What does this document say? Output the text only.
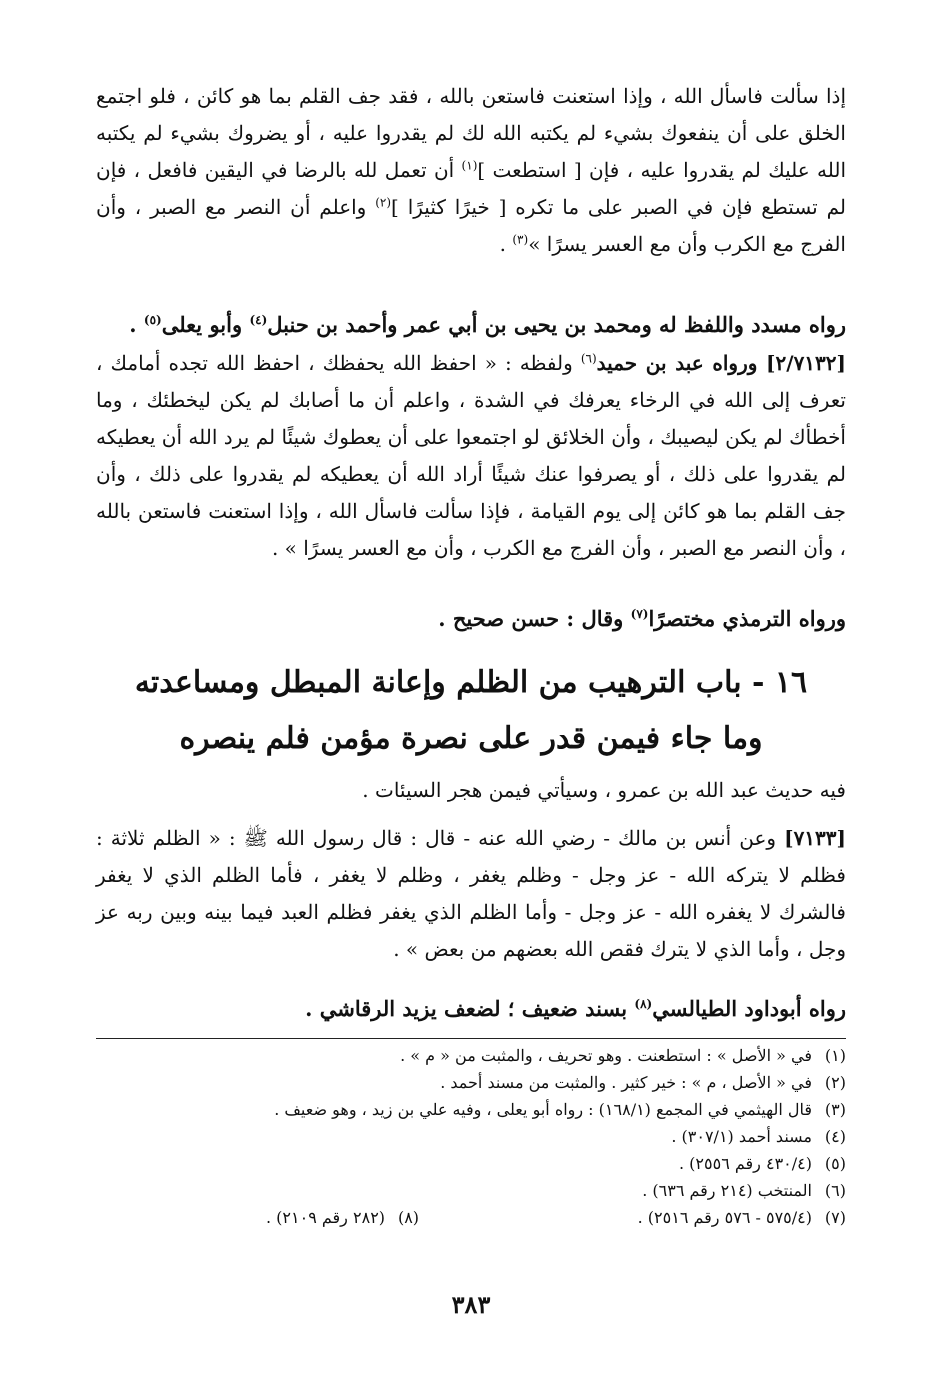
إذا سألت فاسأل الله ، وإذا استعنت فاستعن بالله ، فقد جف القلم بما هو كائن ، فلو اجتمع الخلق على أن ينفعوك بشيء لم يكتبه الله لك لم يقدروا عليه ، أو يضروك بشيء لم يكتبه الله عليك لم يقدروا عليه ، فإن [ استطعت ]$^{(١)}$ أن تعمل لله بالرضا في اليقين فافعل ، فإن لم تستطع فإن في الصبر على ما تكره [ خيرًا كثيرًا ]$^{(٢)}$ واعلم أن النصر مع الصبر ، وأن الفرج مع الكرب وأن مع العسر يسرًا »$^{(٣)}$ .

رواه مسدد واللفظ له ومحمد بن يحيى بن أبي عمر وأحمد بن حنبل$^{(٤)}$ وأبو يعلى$^{(٥)}$ .

[٢/٧١٣٢] ورواه عبد بن حميد$^{(٦)}$ ولفظه : « احفظ الله يحفظك ، احفظ الله تجده أمامك ، تعرف إلى الله في الرخاء يعرفك في الشدة ، واعلم أن ما أصابك لم يكن ليخطئك ، وما أخطأك لم يكن ليصيبك ، وأن الخلائق لو اجتمعوا على أن يعطوك شيئًا لم يرد الله أن يعطيكه لم يقدروا على ذلك ، أو يصرفوا عنك شيئًا أراد الله أن يعطيكه لم يقدروا على ذلك ، وأن جف القلم بما هو كائن إلى يوم القيامة ، فإذا سألت فاسأل الله ، وإذا استعنت فاستعن بالله ، وأن النصر مع الصبر ، وأن الفرج مع الكرب ، وأن مع العسر يسرًا » .

ورواه الترمذي مختصرًا$^{(٧)}$ وقال : حسن صحيح .

١٦ - باب الترهيب من الظلم وإعانة المبطل ومساعدته

وما جاء فيمن قدر على نصرة مؤمن فلم ينصره

فيه حديث عبد الله بن عمرو ، وسيأتي فيمن هجر السيئات .

[٧١٣٣] وعن أنس بن مالك - رضي الله عنه - قال : قال رسول الله ﷺ : « الظلم ثلاثة : فظلم لا يتركه الله - عز وجل - وظلم يغفر ، وظلم لا يغفر ، فأما الظلم الذي لا يغفر فالشرك لا يغفره الله - عز وجل - وأما الظلم الذي يغفر فظلم العبد فيما بينه وبين ربه عز وجل ، وأما الذي لا يترك فقص الله بعضهم من بعض » .

رواه أبوداود الطيالسي$^{(٨)}$ بسند ضعيف ؛ لضعف يزيد الرقاشي .

(١)
في « الأصل » : استطعنت . وهو تحريف ، والمثبت من « م » .
(٢)
في « الأصل ، م » : خير كثير . والمثبت من مسند أحمد .
(٣)
قال الهيثمي في المجمع (١٦٨/١) : رواه أبو يعلى ، وفيه علي بن زيد ، وهو ضعيف .
(٤)
مسند أحمد (٣٠٧/١) .
(٥)
(٤٣٠/٤ رقم ٢٥٥٦) .
(٦)
المنتخب (٢١٤ رقم ٦٣٦) .
(٧)(٥٧٥/٤ - ٥٧٦ رقم ٢٥١٦) .
(٨)(٢٨٢ رقم ٢١٠٩) .
٣٨٣
